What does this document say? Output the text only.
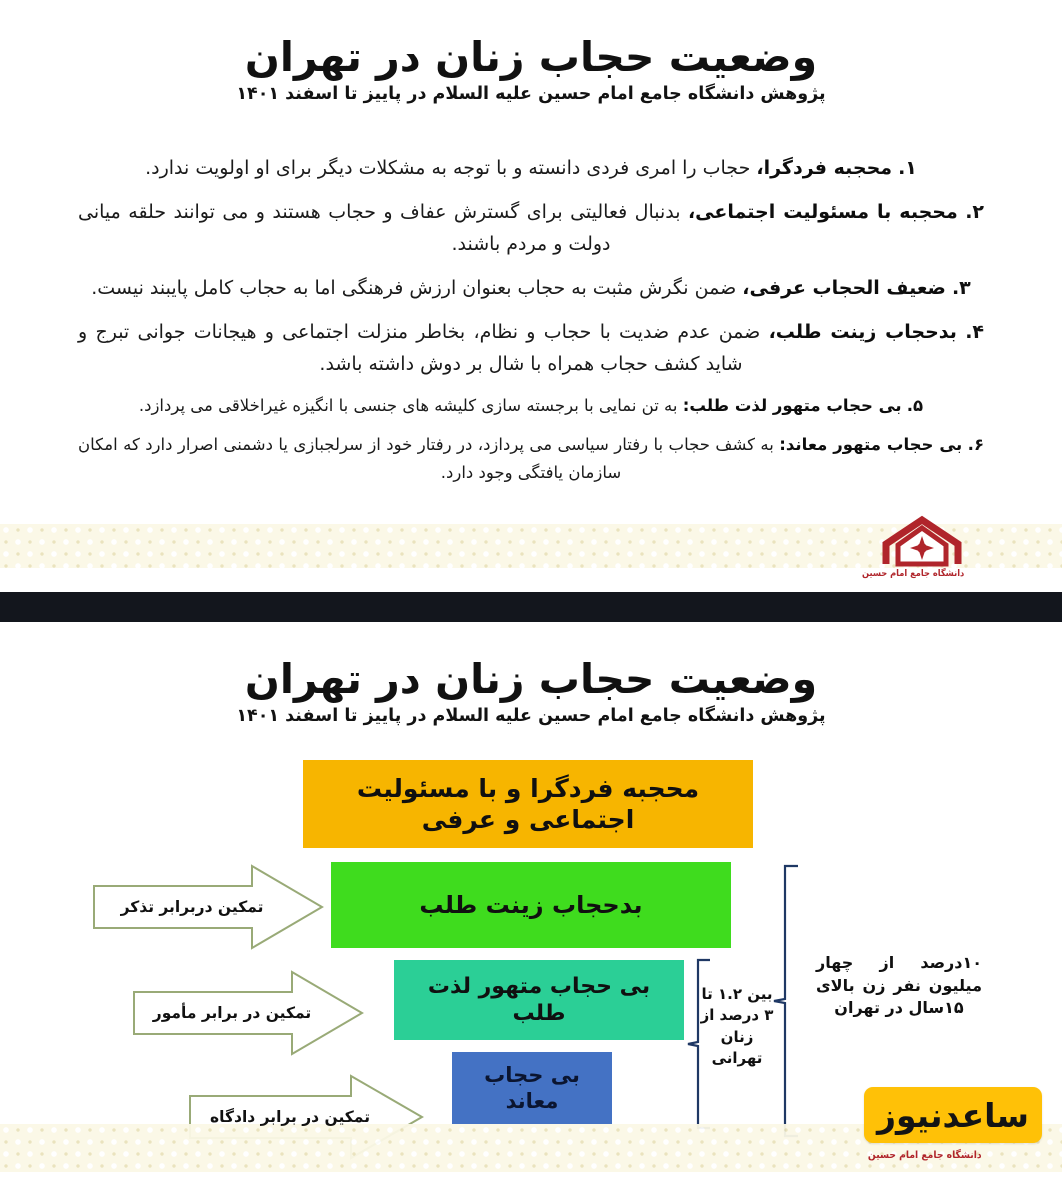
وضعیت حجاب زنان در تهران
پژوهش دانشگاه جامع امام حسین علیه السلام در پاییز تا اسفند ۱۴۰۱

۱. محجبه فردگرا، حجاب را امری فردی دانسته و با توجه به مشکلات دیگر برای او اولویت ندارد.

۲. محجبه با مسئولیت اجتماعی، بدنبال فعالیتی برای گسترش عفاف و حجاب هستند و می توانند حلقه میانی دولت و مردم باشند.

۳. ضعیف الحجاب عرفی، ضمن نگرش مثبت به حجاب بعنوان ارزش فرهنگی اما به حجاب کامل پایبند نیست.

۴. بدحجاب زینت طلب، ضمن عدم ضدیت با حجاب و نظام، بخاطر منزلت اجتماعی و هیجانات جوانی تبرج و شاید کشف حجاب همراه با شال بر دوش داشته باشد.

۵. بی حجاب متهور لذت طلب: به تن نمایی با برجسته سازی کلیشه های جنسی با انگیزه غیراخلاقی می پردازد.

۶. بی حجاب متهور معاند: به کشف حجاب با رفتار سیاسی می پردازد، در رفتار خود از سرلجبازی یا دشمنی اصرار دارد که امکان سازمان یافتگی وجود دارد.

دانشگاه جامع امام حسین
وضعیت حجاب زنان در تهران
پژوهش دانشگاه جامع امام حسین علیه السلام در پاییز تا اسفند ۱۴۰۱
محجبه فردگرا و با مسئولیت اجتماعی و عرفی
بدحجاب زینت طلب
بی حجاب متهور لذت طلب
بی حجاب معاند
تمکین دربرابر تذکر
تمکین در برابر مأمور
تمکین در برابر دادگاه
بین ۱.۲ تا ۳ درصد از زنان تهرانی
۱۰درصد از چهار میلیون نفر زن بالای ۱۵سال در تهران
ساعدنیوز
دانشگاه جامع امام حسین
